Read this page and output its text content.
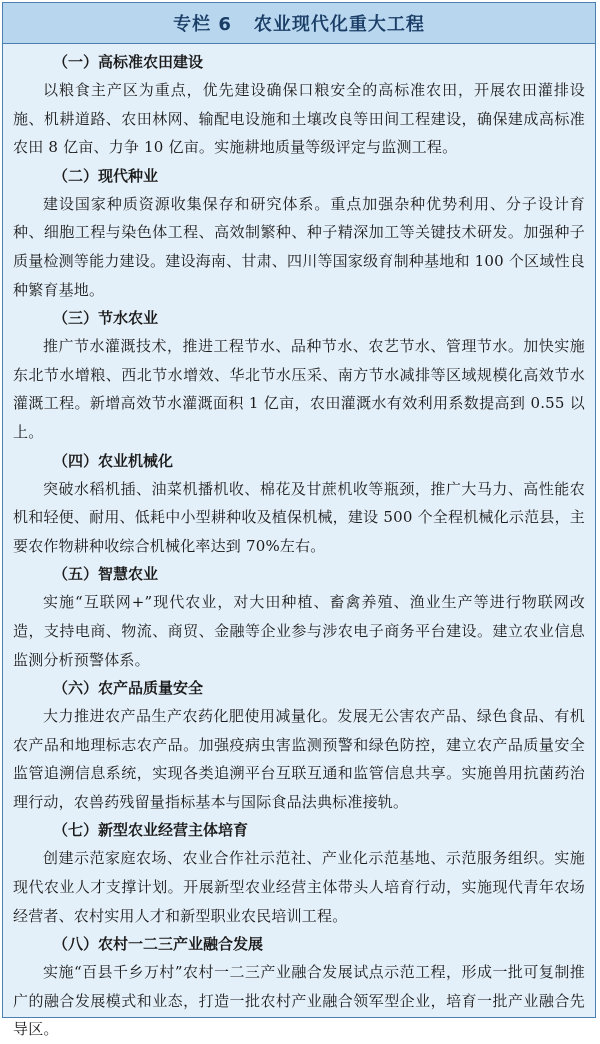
专栏 6 农业现代化重大工程
（一）高标准农田建设
以粮食主产区为重点，优先建设确保口粮安全的高标准农田，开展农田灌排设施、机耕道路、农田林网、输配电设施和土壤改良等田间工程建设，确保建成高标准农田 8 亿亩、力争 10 亿亩。实施耕地质量等级评定与监测工程。
（二）现代种业
建设国家种质资源收集保存和研究体系。重点加强杂种优势利用、分子设计育种、细胞工程与染色体工程、高效制繁种、种子精深加工等关键技术研发。加强种子质量检测等能力建设。建设海南、甘肃、四川等国家级育制种基地和 100 个区域性良种繁育基地。
（三）节水农业
推广节水灌溉技术，推进工程节水、品种节水、农艺节水、管理节水。加快实施东北节水增粮、西北节水增效、华北节水压采、南方节水减排等区域规模化高效节水灌溉工程。新增高效节水灌溉面积 1 亿亩，农田灌溉水有效利用系数提高到 0.55 以上。
（四）农业机械化
突破水稻机插、油菜机播机收、棉花及甘蔗机收等瓶颈，推广大马力、高性能农机和轻便、耐用、低耗中小型耕种收及植保机械，建设 500 个全程机械化示范县，主要农作物耕种收综合机械化率达到 70%左右。
（五）智慧农业
实施“互联网+”现代农业，对大田种植、畜禽养殖、渔业生产等进行物联网改造，支持电商、物流、商贸、金融等企业参与涉农电子商务平台建设。建立农业信息监测分析预警体系。
（六）农产品质量安全
大力推进农产品生产农药化肥使用减量化。发展无公害农产品、绿色食品、有机农产品和地理标志农产品。加强疫病虫害监测预警和绿色防控，建立农产品质量安全监管追溯信息系统，实现各类追溯平台互联互通和监管信息共享。实施兽用抗菌药治理行动，农兽药残留量指标基本与国际食品法典标准接轨。
（七）新型农业经营主体培育
创建示范家庭农场、农业合作社示范社、产业化示范基地、示范服务组织。实施现代农业人才支撑计划。开展新型农业经营主体带头人培育行动，实施现代青年农场经营者、农村实用人才和新型职业农民培训工程。
（八）农村一二三产业融合发展
实施“百县千乡万村”农村一二三产业融合发展试点示范工程，形成一批可复制推广的融合发展模式和业态，打造一批农村产业融合领军型企业，培育一批产业融合先导区。
